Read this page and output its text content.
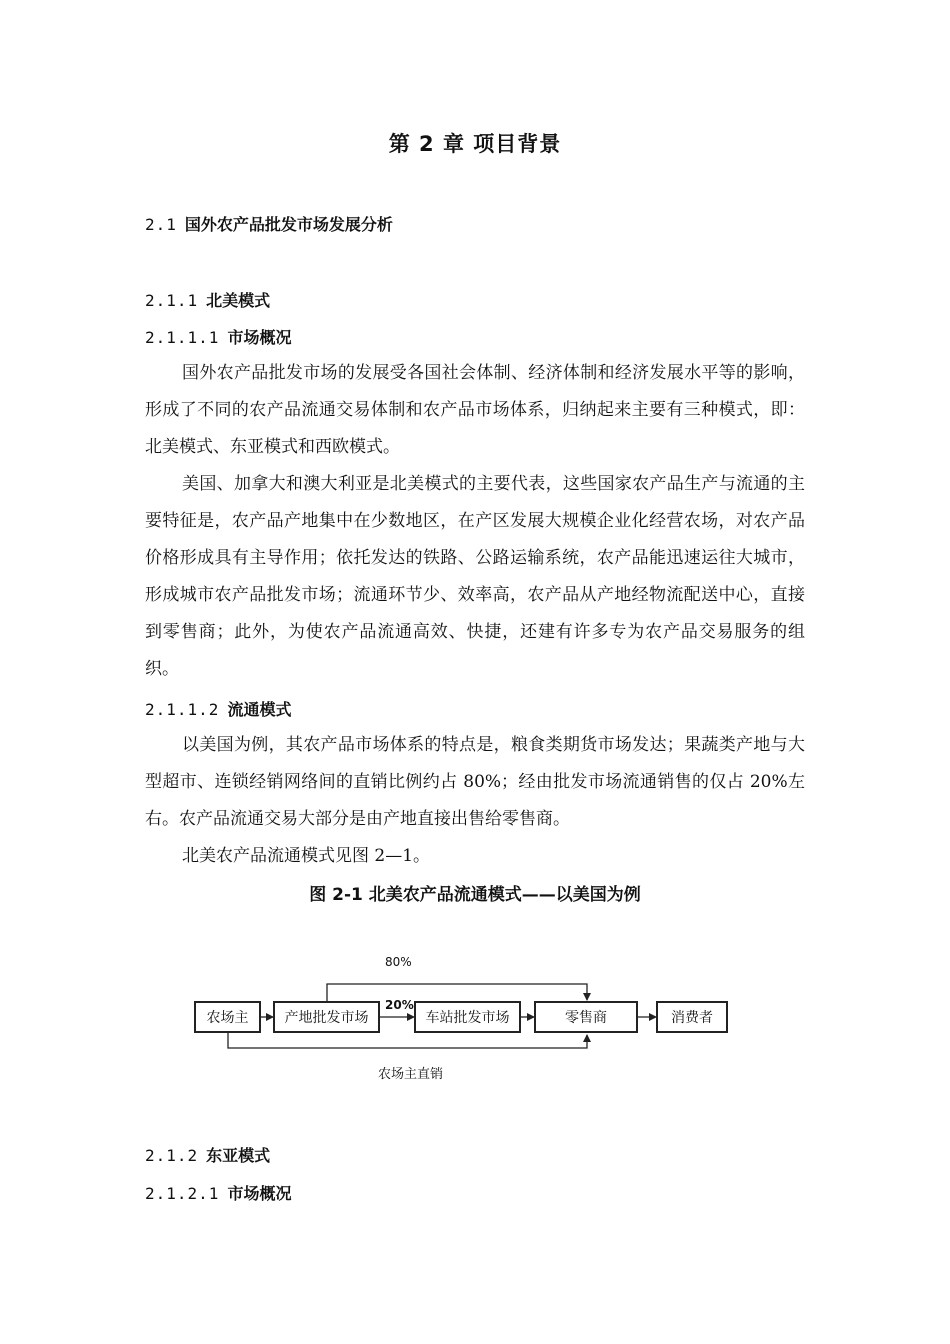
第 2 章 项目背景
2.1 国外农产品批发市场发展分析
2.1.1 北美模式
2.1.1.1 市场概况

国外农产品批发市场的发展受各国社会体制、经济体制和经济发展水平等的影响，形成了不同的农产品流通交易体制和农产品市场体系，归纳起来主要有三种模式，即：北美模式、东亚模式和西欧模式。

美国、加拿大和澳大利亚是北美模式的主要代表，这些国家农产品生产与流通的主要特征是，农产品产地集中在少数地区，在产区发展大规模企业化经营农场，对农产品价格形成具有主导作用；依托发达的铁路、公路运输系统，农产品能迅速运往大城市，形成城市农产品批发市场；流通环节少、效率高，农产品从产地经物流配送中心，直接到零售商；此外，为使农产品流通高效、快捷，还建有许多专为农产品交易服务的组织。

2.1.1.2 流通模式

以美国为例，其农产品市场体系的特点是，粮食类期货市场发达；果蔬类产地与大型超市、连锁经销网络间的直销比例约占 80%；经由批发市场流通销售的仅占 20%左右。农产品流通交易大部分是由产地直接出售给零售商。

北美农产品流通模式见图 2—1。

图 2-1 北美农产品流通模式——以美国为例
农场主	产地批发市场	车站批发市场	零售商	消费者
80%
20%
农场主直销
2.1.2 东亚模式
2.1.2.1 市场概况
